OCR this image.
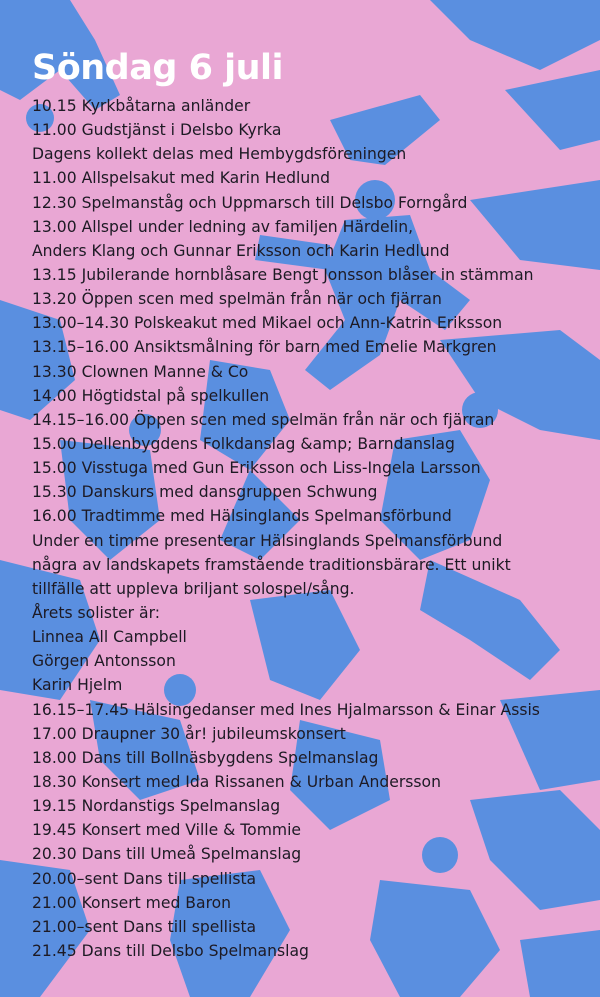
Söndag 6 juli
10.15 Kyrkbåtarna anländer
11.00 Gudstjänst i Delsbo Kyrka
Dagens kollekt delas med Hembygdsföreningen
11.00 Allspelsakut med Karin Hedlund
12.30 Spelmanståg och Uppmarsch till Delsbo Forngård
13.00 Allspel under ledning av familjen Härdelin,
Anders Klang och Gunnar Eriksson och Karin Hedlund
13.15 Jubilerande hornblåsare Bengt Jonsson blåser in stämman
13.20 Öppen scen med spelmän från när och fjärran
13.00–14.30 Polskeakut med Mikael och Ann-Katrin Eriksson
13.15–16.00 Ansiktsmålning för barn med Emelie Markgren
13.30 Clownen Manne & Co
14.00 Högtidstal på spelkullen
14.15–16.00 Öppen scen med spelmän från när och fjärran
15.00 Dellenbygdens Folkdanslag &amp; Barndanslag
15.00 Visstuga med Gun Eriksson och Liss-Ingela Larsson
15.30 Danskurs med dansgruppen Schwung
16.00 Tradtimme med Hälsinglands Spelmansförbund
Under en timme presenterar Hälsinglands Spelmansförbund
några av landskapets framstående traditionsbärare. Ett unikt
tillfälle att uppleva briljant solospel/sång.
Årets solister är:
Linnea All Campbell
Görgen Antonsson
Karin Hjelm
16.15–17.45 Hälsingedanser med Ines Hjalmarsson & Einar Assis
17.00 Draupner 30 år! jubileumskonsert
18.00 Dans till Bollnäsbygdens Spelmanslag
18.30 Konsert med Ida Rissanen & Urban Andersson
19.15 Nordanstigs Spelmanslag
19.45 Konsert med Ville & Tommie
20.30 Dans till Umeå Spelmanslag
20.00–sent Dans till spellista
21.00 Konsert med Baron
21.00–sent Dans till spellista
21.45 Dans till Delsbo Spelmanslag
